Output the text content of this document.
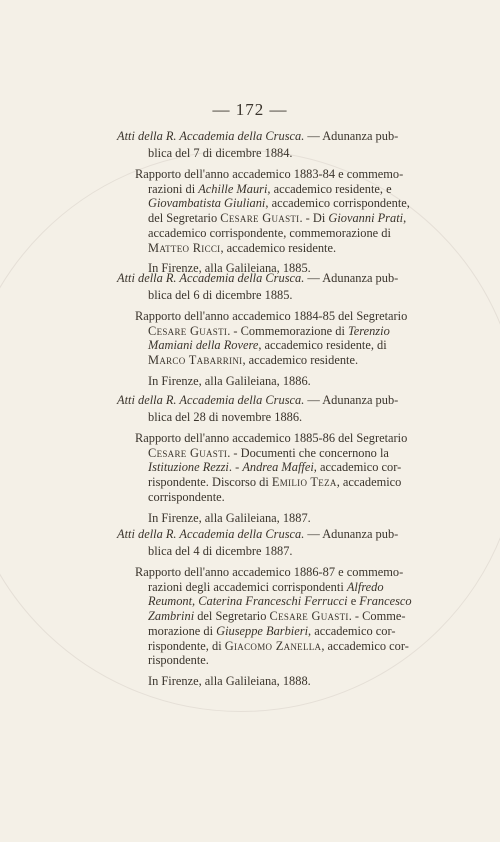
— 172 —
Atti della R. Accademia della Crusca. — Adunanza pub-
blica del 7 di dicembre 1884.
Rapporto dell'anno accademico 1883-84 e commemo-
razioni di Achille Mauri, accademico residente, e
Giovambatista Giuliani, accademico corrispondente,
del Segretario Cesare Guasti. - Di Giovanni Prati,
accademico corrispondente, commemorazione di
Matteo Ricci, accademico residente.
In Firenze, alla Galileiana, 1885.
Atti della R. Accademia della Crusca. — Adunanza pub-
blica del 6 di dicembre 1885.
Rapporto dell'anno accademico 1884-85 del Segretario
Cesare Guasti. - Commemorazione di Terenzio
Mamiani della Rovere, accademico residente, di
Marco Tabarrini, accademico residente.
In Firenze, alla Galileiana, 1886.
Atti della R. Accademia della Crusca. — Adunanza pub-
blica del 28 di novembre 1886.
Rapporto dell'anno accademico 1885-86 del Segretario
Cesare Guasti. - Documenti che concernono la
Istituzione Rezzi. - Andrea Maffei, accademico cor-
rispondente. Discorso di Emilio Teza, accademico
corrispondente.
In Firenze, alla Galileiana, 1887.
Atti della R. Accademia della Crusca. — Adunanza pub-
blica del 4 di dicembre 1887.
Rapporto dell'anno accademico 1886-87 e commemo-
razioni degli accademici corrispondenti Alfredo
Reumont, Caterina Franceschi Ferrucci e Francesco
Zambrini del Segretario Cesare Guasti. - Comme-
morazione di Giuseppe Barbieri, accademico cor-
rispondente, di Giacomo Zanella, accademico cor-
rispondente.
In Firenze, alla Galileiana, 1888.
